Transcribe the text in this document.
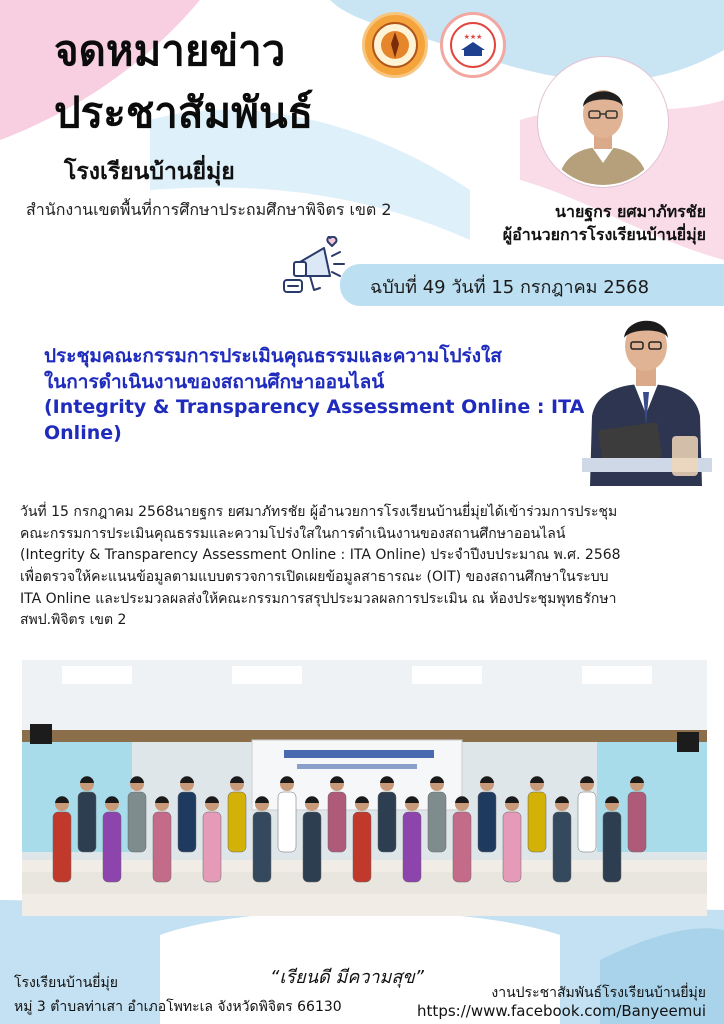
จดหมายข่าว
ประชาสัมพันธ์
โรงเรียนบ้านยี่มุ่ย
สำนักงานเขตพื้นที่การศึกษาประถมศึกษาพิจิตร เขต 2
★★★
นายฐกร ยศมาภัทรชัย
ผู้อำนวยการโรงเรียนบ้านยี่มุ่ย
ฉบับที่ 49 วันที่ 15 กรกฎาคม 2568
ประชุมคณะกรรมการประเมินคุณธรรมและความโปร่งใส
ในการดำเนินงานของสถานศึกษาออนไลน์
(Integrity & Transparency Assessment Online : ITA Online)
วันที่ 15 กรกฎาคม 2568นายฐกร ยศมาภัทรชัย ผู้อำนวยการโรงเรียนบ้านยี่มุ่ยได้เข้าร่วมการประชุม
คณะกรรมการประเมินคุณธรรมและความโปร่งใสในการดำเนินงานของสถานศึกษาออนไลน์
(Integrity & Transparency Assessment Online : ITA Online) ประจำปีงบประมาณ พ.ศ. 2568
เพื่อตรวจให้คะแนนข้อมูลตามแบบตรวจการเปิดเผยข้อมูลสาธารณะ (OIT) ของสถานศึกษาในระบบ
ITA Online และประมวลผลส่งให้คณะกรรมการสรุปประมวลผลการประเมิน ณ ห้องประชุมพุทธรักษา
สพป.พิจิตร เขต 2
โรงเรียนบ้านยี่มุ่ย
หมู่ 3 ตำบลท่าเสา อำเภอโพทะเล จังหวัดพิจิตร 66130
“เรียนดี มีความสุข”
งานประชาสัมพันธ์โรงเรียนบ้านยี่มุ่ย
https://www.facebook.com/Banyeemui
